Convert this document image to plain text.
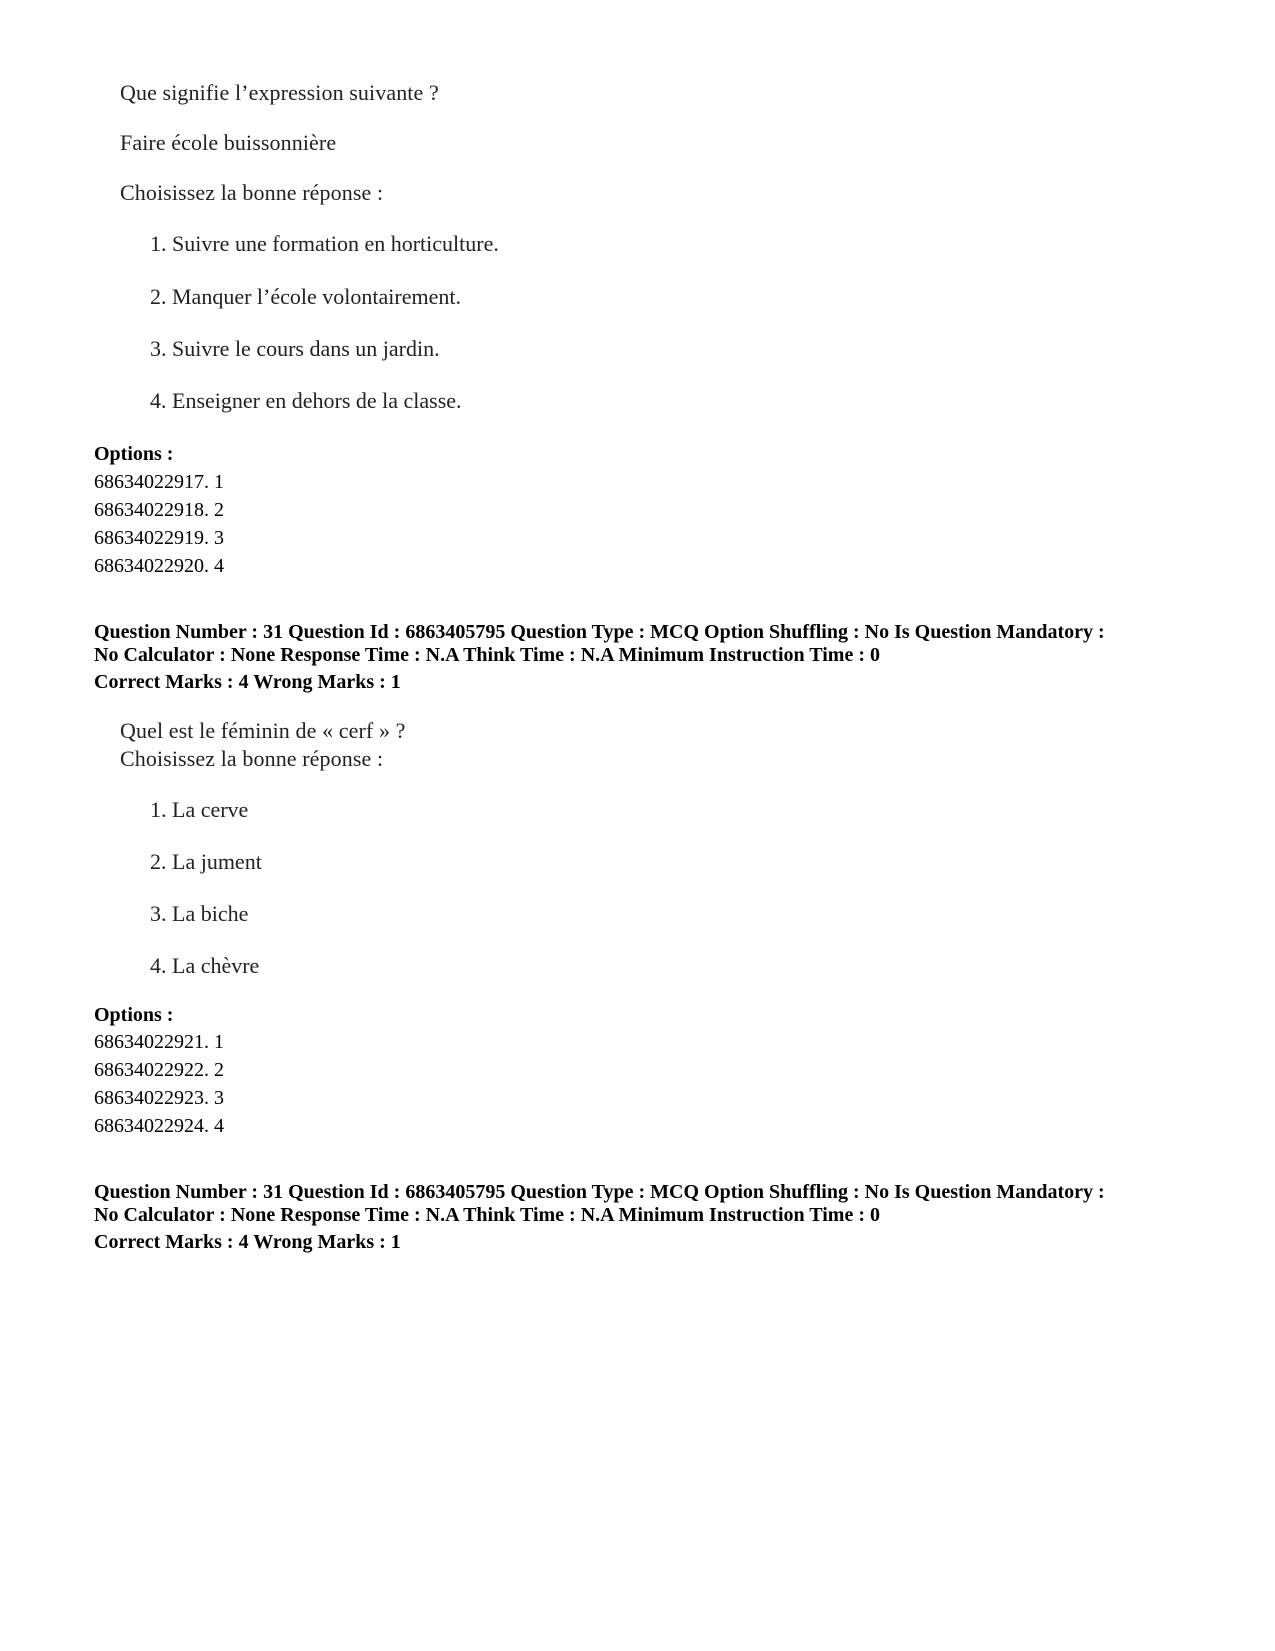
Que signifie l’expression suivante ?
Faire école buissonnière
Choisissez la bonne réponse :
1. Suivre une formation en horticulture.
2. Manquer l’école volontairement.
3. Suivre le cours dans un jardin.
4. Enseigner en dehors de la classe.
Options :
68634022917. 1
68634022918. 2
68634022919. 3
68634022920. 4
Question Number : 31 Question Id : 6863405795 Question Type : MCQ Option Shuffling : No Is Question Mandatory :
No Calculator : None Response Time : N.A Think Time : N.A Minimum Instruction Time : 0
Correct Marks : 4 Wrong Marks : 1
Quel est le féminin de « cerf » ?
Choisissez la bonne réponse :
1. La cerve
2. La jument
3. La biche
4. La chèvre
Options :
68634022921. 1
68634022922. 2
68634022923. 3
68634022924. 4
Question Number : 31 Question Id : 6863405795 Question Type : MCQ Option Shuffling : No Is Question Mandatory :
No Calculator : None Response Time : N.A Think Time : N.A Minimum Instruction Time : 0
Correct Marks : 4 Wrong Marks : 1
